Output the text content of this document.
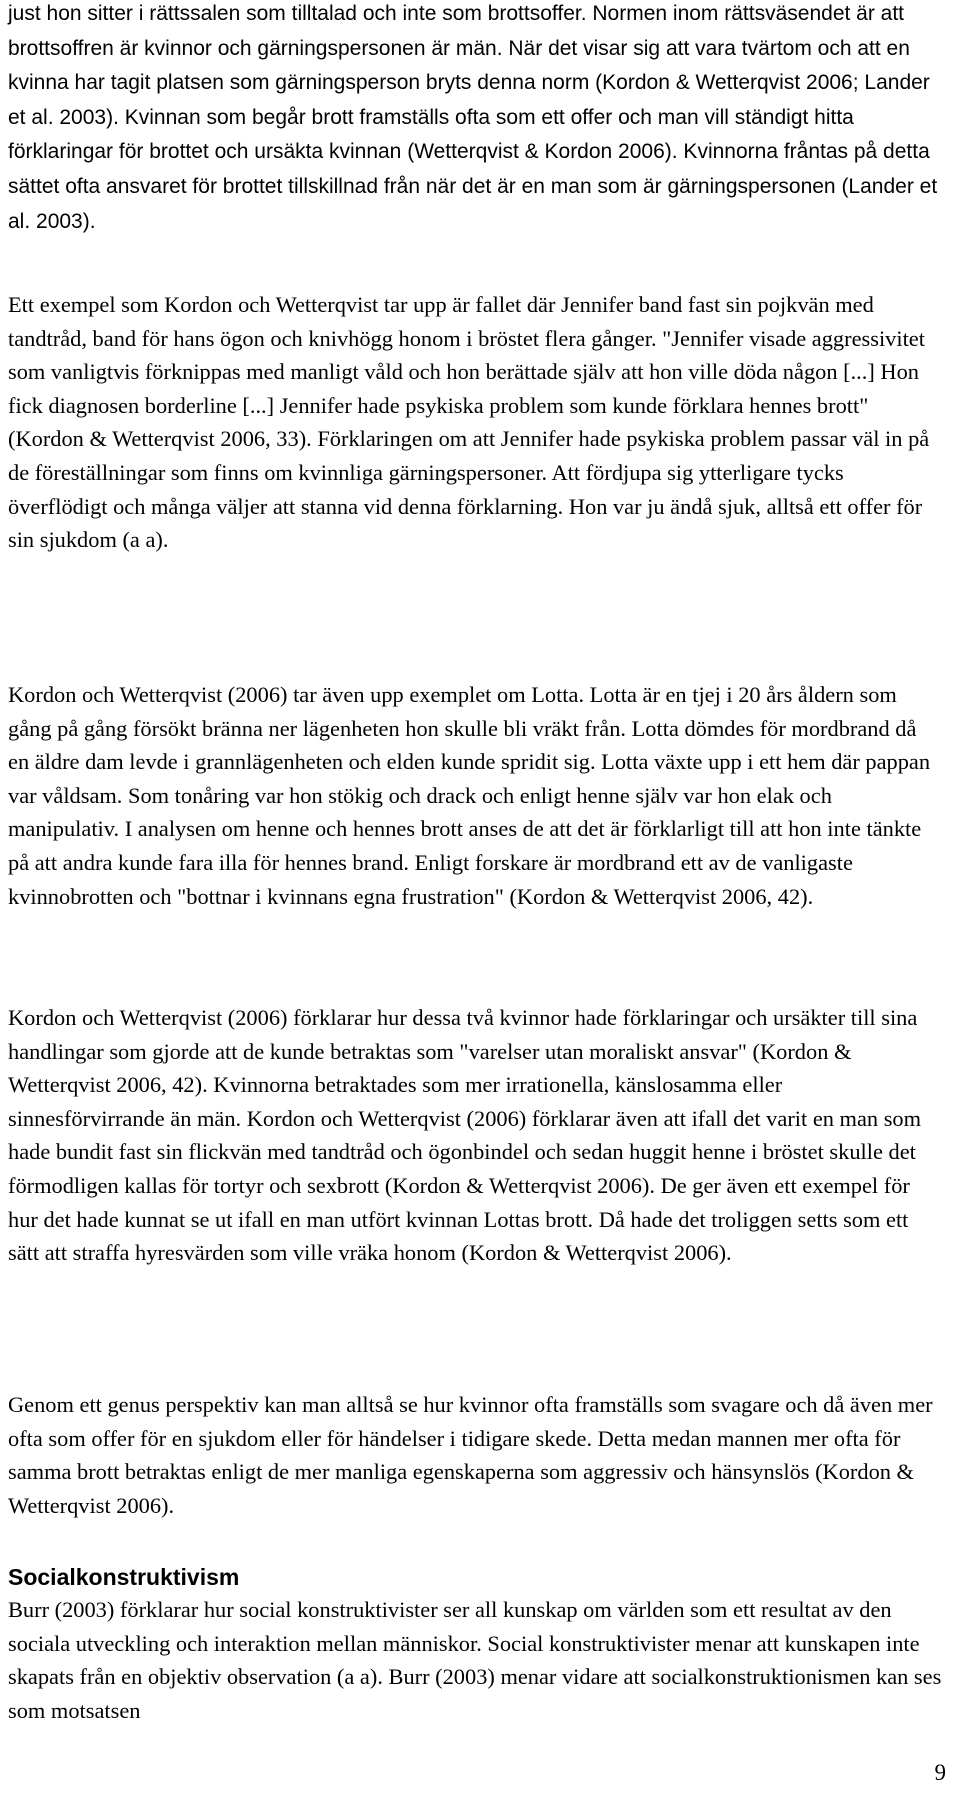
just hon sitter i rättssalen som tilltalad och inte som brottsoffer. Normen inom rättsväsendet är att brottsoffren är kvinnor och gärningspersonen är män. När det visar sig att vara tvärtom och att en kvinna har tagit platsen som gärningsperson bryts denna norm (Kordon & Wetterqvist 2006; Lander et al. 2003). Kvinnan som begår brott framställs ofta som ett offer och man vill ständigt hitta förklaringar för brottet och ursäkta kvinnan (Wetterqvist & Kordon 2006). Kvinnorna fråntas på detta sättet ofta ansvaret för brottet tillskillnad från när det är en man som är gärningspersonen (Lander et al. 2003).

Ett exempel som Kordon och Wetterqvist tar upp är fallet där Jennifer band fast sin pojkvän med tandtråd, band för hans ögon och knivhögg honom i bröstet flera gånger. "Jennifer visade aggressivitet som vanligtvis förknippas med manligt våld och hon berättade själv att hon ville döda någon [...] Hon fick diagnosen borderline [...] Jennifer hade psykiska problem som kunde förklara hennes brott" (Kordon & Wetterqvist 2006, 33). Förklaringen om att Jennifer hade psykiska problem passar väl in på de föreställningar som finns om kvinnliga gärningspersoner. Att fördjupa sig ytterligare tycks överflödigt och många väljer att stanna vid denna förklarning. Hon var ju ändå sjuk, alltså ett offer för sin sjukdom (a a).

Kordon och Wetterqvist (2006) tar även upp exemplet om Lotta. Lotta är en tjej i 20 års åldern som gång på gång försökt bränna ner lägenheten hon skulle bli vräkt från. Lotta dömdes för mordbrand då en äldre dam levde i grannlägenheten och elden kunde spridit sig. Lotta växte upp i ett hem där pappan var våldsam. Som tonåring var hon stökig och drack och enligt henne själv var hon elak och manipulativ. I analysen om henne och hennes brott anses de att det är förklarligt till att hon inte tänkte på att andra kunde fara illa för hennes brand. Enligt forskare är mordbrand ett av de vanligaste kvinnobrotten och "bottnar i kvinnans egna frustration" (Kordon & Wetterqvist 2006, 42).

Kordon och Wetterqvist (2006) förklarar hur dessa två kvinnor hade förklaringar och ursäkter till sina handlingar som gjorde att de kunde betraktas som "varelser utan moraliskt ansvar" (Kordon & Wetterqvist 2006, 42). Kvinnorna betraktades som mer irrationella, känslosamma eller sinnesförvirrande än män. Kordon och Wetterqvist (2006) förklarar även att ifall det varit en man som hade bundit fast sin flickvän med tandtråd och ögonbindel och sedan huggit henne i bröstet skulle det förmodligen kallas för tortyr och sexbrott (Kordon & Wetterqvist 2006). De ger även ett exempel för hur det hade kunnat se ut ifall en man utfört kvinnan Lottas brott. Då hade det troliggen setts som ett sätt att straffa hyresvärden som ville vräka honom (Kordon & Wetterqvist 2006).

Genom ett genus perspektiv kan man alltså se hur kvinnor ofta framställs som svagare och då även mer ofta som offer för en sjukdom eller för händelser i tidigare skede. Detta medan mannen mer ofta för samma brott betraktas enligt de mer manliga egenskaperna som aggressiv och hänsynslös (Kordon & Wetterqvist 2006).

Socialkonstruktivism

Burr (2003) förklarar hur social konstruktivister ser all kunskap om världen som ett resultat av den sociala utveckling och interaktion mellan människor. Social konstruktivister menar att kunskapen inte skapats från en objektiv observation (a a). Burr (2003) menar vidare att socialkonstruktionismen kan ses som motsatsen

9
